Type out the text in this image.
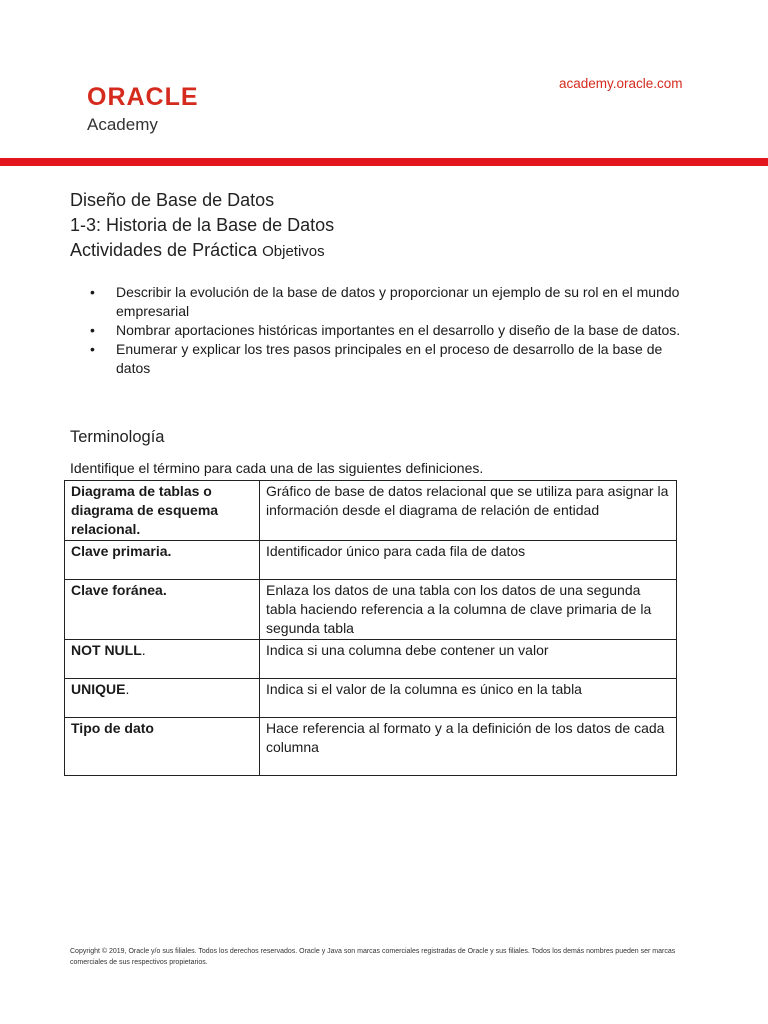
ORACLE
Academy
academy.oracle.com
Diseño de Base de Datos
1-3: Historia de la Base de Datos
Actividades de Práctica Objetivos
• Describir la evolución de la base de datos y proporcionar un ejemplo de su rol en el mundo empresarial
• Nombrar aportaciones históricas importantes en el desarrollo y diseño de la base de datos.
• Enumerar y explicar los tres pasos principales en el proceso de desarrollo de la base de datos
Terminología
Identifique el término para cada una de las siguientes definiciones.
Diagrama de tablas o diagrama de esquema relacional.	Gráfico de base de datos relacional que se utiliza para asignar la información desde el diagrama de relación de entidad
Clave primaria.	Identificador único para cada fila de datos
Clave foránea.	Enlaza los datos de una tabla con los datos de una segunda tabla haciendo referencia a la columna de clave primaria de la segunda tabla
NOT NULL.	Indica si una columna debe contener un valor
UNIQUE.	Indica si el valor de la columna es único en la tabla
Tipo de dato	Hace referencia al formato y a la definición de los datos de cada columna
Copyright © 2019, Oracle y/o sus filiales. Todos los derechos reservados. Oracle y Java son marcas comerciales registradas de Oracle y sus filiales. Todos los demás nombres pueden ser marcas comerciales de sus respectivos propietarios.
